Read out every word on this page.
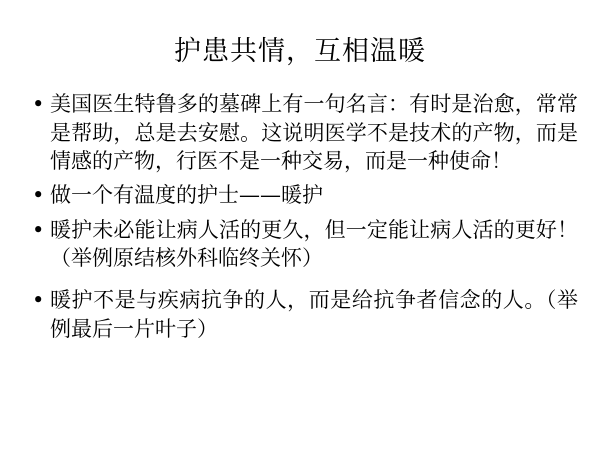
护患共情，互相温暖
• 美国医生特鲁多的墓碑上有一句名言：有时是治愈，常常是帮助，总是去安慰。这说明医学不是技术的产物，而是情感的产物，行医不是一种交易，而是一种使命！
• 做一个有温度的护士——暖护
• 暖护未必能让病人活的更久，但一定能让病人活的更好！（举例原结核外科临终关怀）
• 暖护不是与疾病抗争的人，而是给抗争者信念的人。（举例最后一片叶子）
